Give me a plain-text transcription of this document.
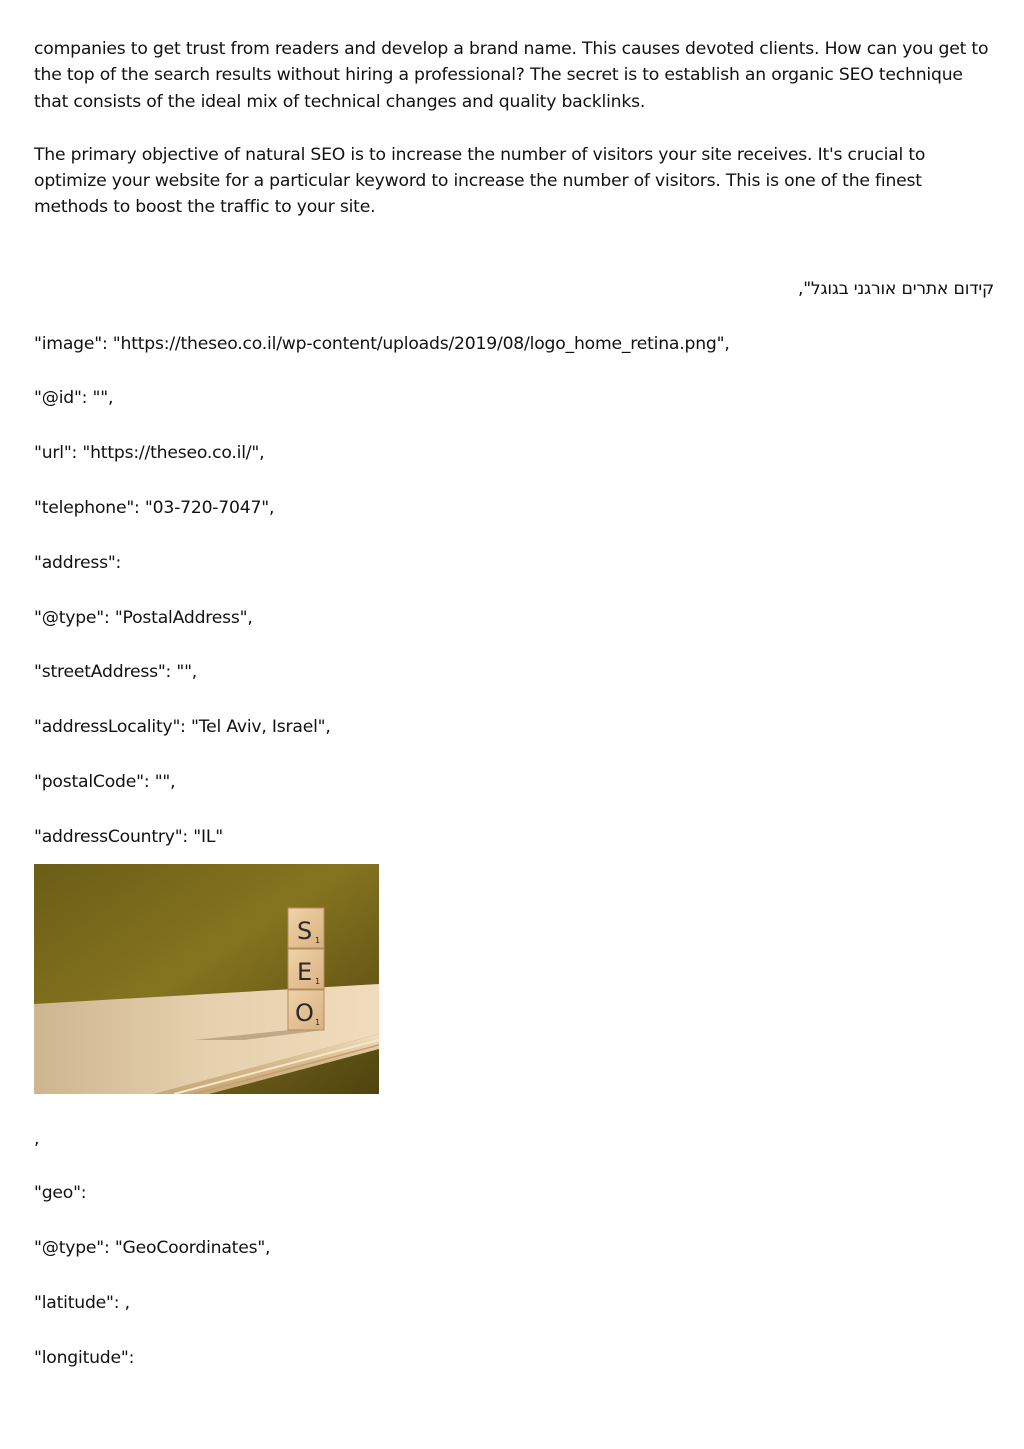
companies to get trust from readers and develop a brand name. This causes devoted clients. How can you get to the top of the search results without hiring a professional? The secret is to establish an organic SEO technique that consists of the ideal mix of technical changes and quality backlinks.

The primary objective of natural SEO is to increase the number of visitors your site receives. It's crucial to optimize your website for a particular keyword to increase the number of visitors. This is one of the finest methods to boost the traffic to your site.

קידום אתרים אורגני בגוגל",
"image": "https://theseo.co.il/wp-content/uploads/2019/08/logo_home_retina.png",
"@id": "",
"url": "https://theseo.co.il/",
"telephone": "03-720-7047",
"address":
"@type": "PostalAddress",
"streetAddress": "",
"addressLocality": "Tel Aviv, Israel",
"postalCode": "",
"addressCountry": "IL"
S 1
E 1
O 1
,
"geo":
"@type": "GeoCoordinates",
"latitude": ,
"longitude":
